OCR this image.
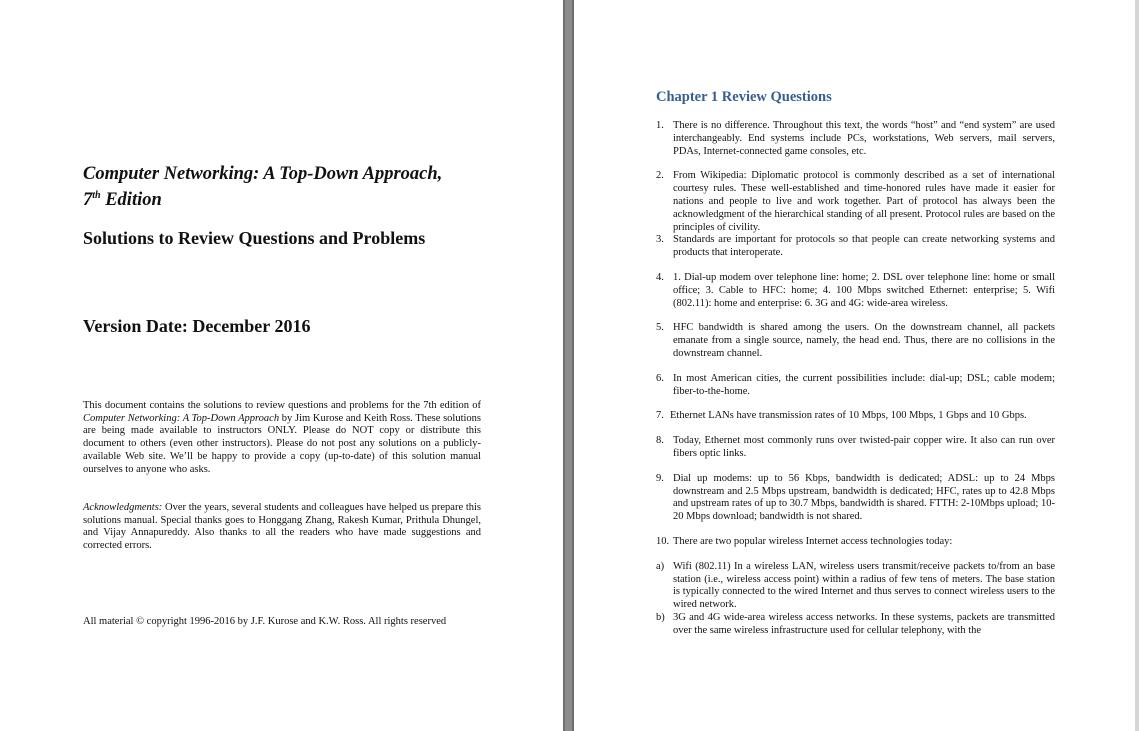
Computer Networking: A Top-Down Approach,
7th Edition
Solutions to Review Questions and Problems
Version Date: December 2016

This document contains the solutions to review questions and problems for the 7th edition of Computer Networking: A Top-Down Approach by Jim Kurose and Keith Ross. These solutions are being made available to instructors ONLY. Please do NOT copy or distribute this document to others (even other instructors). Please do not post any solutions on a publicly-available Web site. We’ll be happy to provide a copy (up-to-date) of this solution manual ourselves to anyone who asks.

Acknowledgments: Over the years, several students and colleagues have helped us prepare this solutions manual. Special thanks goes to Honggang Zhang, Rakesh Kumar, Prithula Dhungel, and Vijay Annapureddy. Also thanks to all the readers who have made suggestions and corrected errors.

All material © copyright 1996-2016 by J.F. Kurose and K.W. Ross. All rights reserved

Chapter 1 Review Questions
1. There is no difference. Throughout this text, the words “host” and “end system” are used interchangeably. End systems include PCs, workstations, Web servers, mail servers, PDAs, Internet-connected game consoles, etc.
2. From Wikipedia: Diplomatic protocol is commonly described as a set of international courtesy rules. These well-established and time-honored rules have made it easier for nations and people to live and work together. Part of protocol has always been the acknowledgment of the hierarchical standing of all present. Protocol rules are based on the principles of civility.
3. Standards are important for protocols so that people can create networking systems and products that interoperate.
4. 1. Dial-up modem over telephone line: home; 2. DSL over telephone line: home or small office; 3. Cable to HFC: home; 4. 100 Mbps switched Ethernet: enterprise; 5. Wifi (802.11): home and enterprise: 6. 3G and 4G: wide-area wireless.
5. HFC bandwidth is shared among the users. On the downstream channel, all packets emanate from a single source, namely, the head end. Thus, there are no collisions in the downstream channel.
6. In most American cities, the current possibilities include: dial-up; DSL; cable modem; fiber-to-the-home.
7. Ethernet LANs have transmission rates of 10 Mbps, 100 Mbps, 1 Gbps and 10 Gbps.
8. Today, Ethernet most commonly runs over twisted-pair copper wire. It also can run over fibers optic links.
9. Dial up modems: up to 56 Kbps, bandwidth is dedicated; ADSL: up to 24 Mbps downstream and 2.5 Mbps upstream, bandwidth is dedicated; HFC, rates up to 42.8 Mbps and upstream rates of up to 30.7 Mbps, bandwidth is shared. FTTH: 2-10Mbps upload; 10-20 Mbps download; bandwidth is not shared.
10. There are two popular wireless Internet access technologies today:
a) Wifi (802.11) In a wireless LAN, wireless users transmit/receive packets to/from an base station (i.e., wireless access point) within a radius of few tens of meters. The base station is typically connected to the wired Internet and thus serves to connect wireless users to the wired network.
b) 3G and 4G wide-area wireless access networks. In these systems, packets are transmitted over the same wireless infrastructure used for cellular telephony, with the
